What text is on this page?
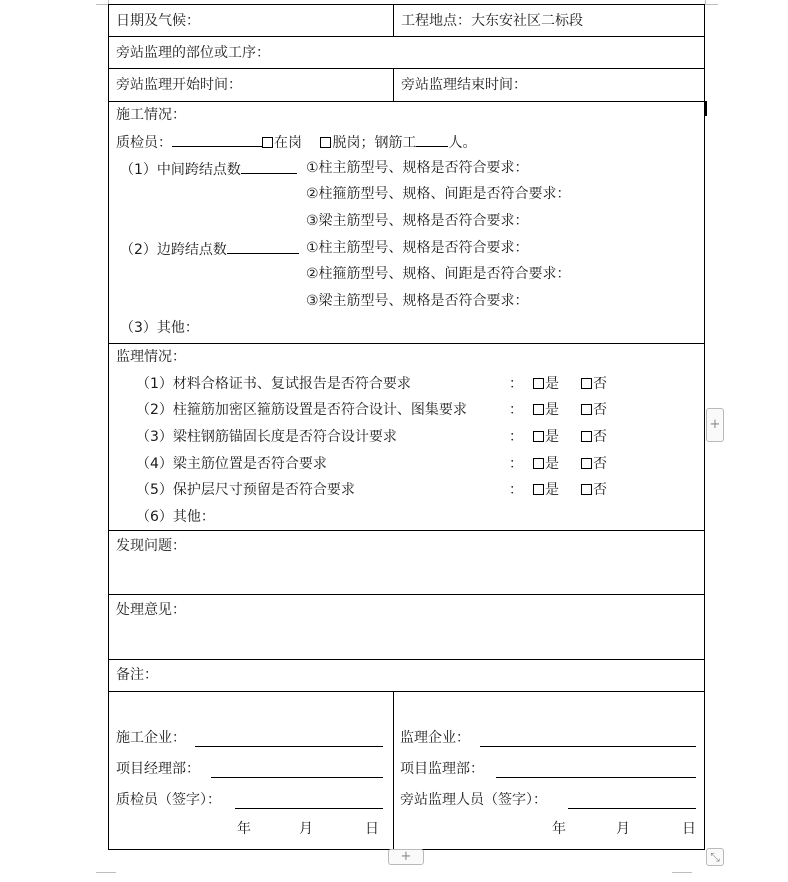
日期及气候：	工程地点：大东安社区二标段
旁站监理的部位或工序：
旁站监理开始时间：	旁站监理结束时间：
施工情况：
质检员：	在岗 脱岗；钢筋工 人。
（1）中间跨结点数	①柱主筋型号、规格是否符合要求：
②柱箍筋型号、规格、间距是否符合要求：
③梁主筋型号、规格是否符合要求：
（2）边跨结点数	①柱主筋型号、规格是否符合要求：
②柱箍筋型号、规格、间距是否符合要求：
③梁主筋型号、规格是否符合要求：
（3）其他：
监理情况：
（1）材料合格证书、复试报告是否符合要求	：	是	否
（2）柱箍筋加密区箍筋设置是否符合设计、图集要求	：	是	否
（3）梁柱钢筋锚固长度是否符合设计要求	：	是	否
（4）梁主筋位置是否符合要求	：	是	否
（5）保护层尺寸预留是否符合要求	：	是	否
（6）其他：
发现问题：
处理意见：
备注：
施工企业：
项目经理部：
质检员（签字）：
年	月	日
监理企业：
项目监理部：
旁站监理人员（签字）：
年	月	日
+
+	⤡
